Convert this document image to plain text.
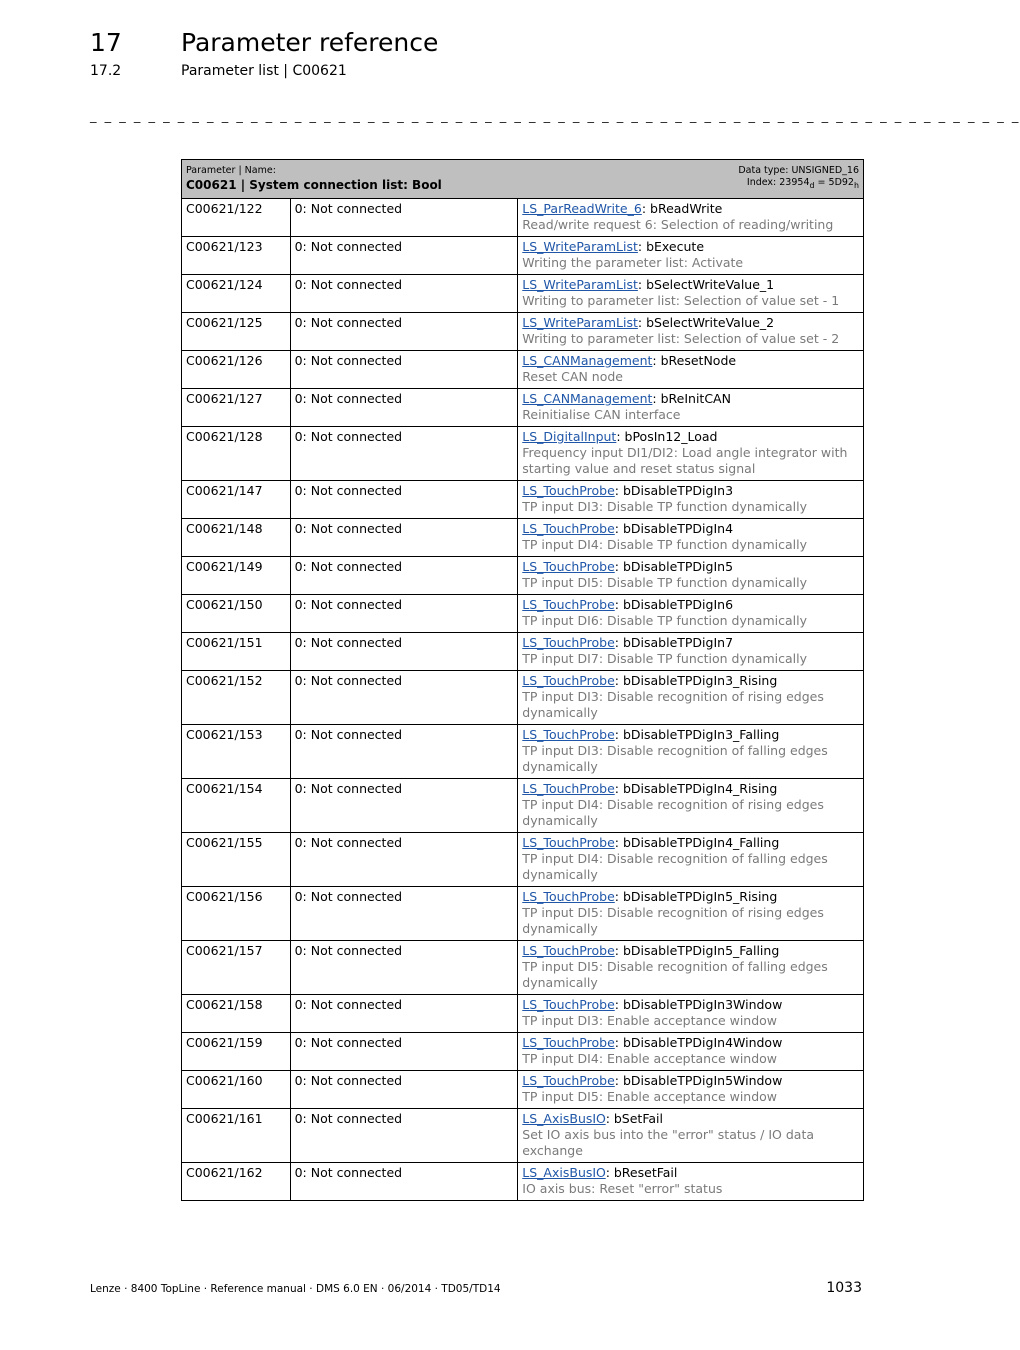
17 Parameter reference
17.2	Parameter list | C00621
_ _ _ _ _ _ _ _ _ _ _ _ _ _ _ _ _ _ _ _ _ _ _ _ _ _ _ _ _ _ _ _ _ _ _ _ _ _ _ _ _ _ _ _ _ _ _ _ _ _ _ _ _ _ _ _ _ _ _ _ _ _ _ _
Parameter | Name:
C00621 | System connection list: Bool
Data type: UNSIGNED_16
Index: $23954_d = 5D92_h$

C00621/122	0: Not connected	LS_ParReadWrite_6: bReadWrite
Read/write request 6: Selection of reading/writing

C00621/123	0: Not connected	LS_WriteParamList: bExecute
Writing the parameter list: Activate

C00621/124	0: Not connected	LS_WriteParamList: bSelectWriteValue_1
Writing to parameter list: Selection of value set - 1

C00621/125	0: Not connected	LS_WriteParamList: bSelectWriteValue_2
Writing to parameter list: Selection of value set - 2

C00621/126	0: Not connected	LS_CANManagement: bResetNode
Reset CAN node

C00621/127	0: Not connected	LS_CANManagement: bReInitCAN
Reinitialise CAN interface

C00621/128	0: Not connected	LS_DigitalInput: bPosIn12_Load
Frequency input DI1/DI2: Load angle integrator with starting value and reset status signal

C00621/147	0: Not connected	LS_TouchProbe: bDisableTPDigIn3
TP input DI3: Disable TP function dynamically

C00621/148	0: Not connected	LS_TouchProbe: bDisableTPDigIn4
TP input DI4: Disable TP function dynamically

C00621/149	0: Not connected	LS_TouchProbe: bDisableTPDigIn5
TP input DI5: Disable TP function dynamically

C00621/150	0: Not connected	LS_TouchProbe: bDisableTPDigIn6
TP input DI6: Disable TP function dynamically

C00621/151	0: Not connected	LS_TouchProbe: bDisableTPDigIn7
TP input DI7: Disable TP function dynamically

C00621/152	0: Not connected	LS_TouchProbe: bDisableTPDigIn3_Rising
TP input DI3: Disable recognition of rising edges dynamically

C00621/153	0: Not connected	LS_TouchProbe: bDisableTPDigIn3_Falling
TP input DI3: Disable recognition of falling edges dynamically

C00621/154	0: Not connected	LS_TouchProbe: bDisableTPDigIn4_Rising
TP input DI4: Disable recognition of rising edges dynamically

C00621/155	0: Not connected	LS_TouchProbe: bDisableTPDigIn4_Falling
TP input DI4: Disable recognition of falling edges dynamically

C00621/156	0: Not connected	LS_TouchProbe: bDisableTPDigIn5_Rising
TP input DI5: Disable recognition of rising edges dynamically

C00621/157	0: Not connected	LS_TouchProbe: bDisableTPDigIn5_Falling
TP input DI5: Disable recognition of falling edges dynamically

C00621/158	0: Not connected	LS_TouchProbe: bDisableTPDigIn3Window
TP input DI3: Enable acceptance window

C00621/159	0: Not connected	LS_TouchProbe: bDisableTPDigIn4Window
TP input DI4: Enable acceptance window

C00621/160	0: Not connected	LS_TouchProbe: bDisableTPDigIn5Window
TP input DI5: Enable acceptance window

C00621/161	0: Not connected	LS_AxisBusIO: bSetFail
Set IO axis bus into the "error" status / IO data exchange

C00621/162	0: Not connected	LS_AxisBusIO: bResetFail
IO axis bus: Reset "error" status
Lenze · 8400 TopLine · Reference manual · DMS 6.0 EN · 06/2014 · TD05/TD14	1033
